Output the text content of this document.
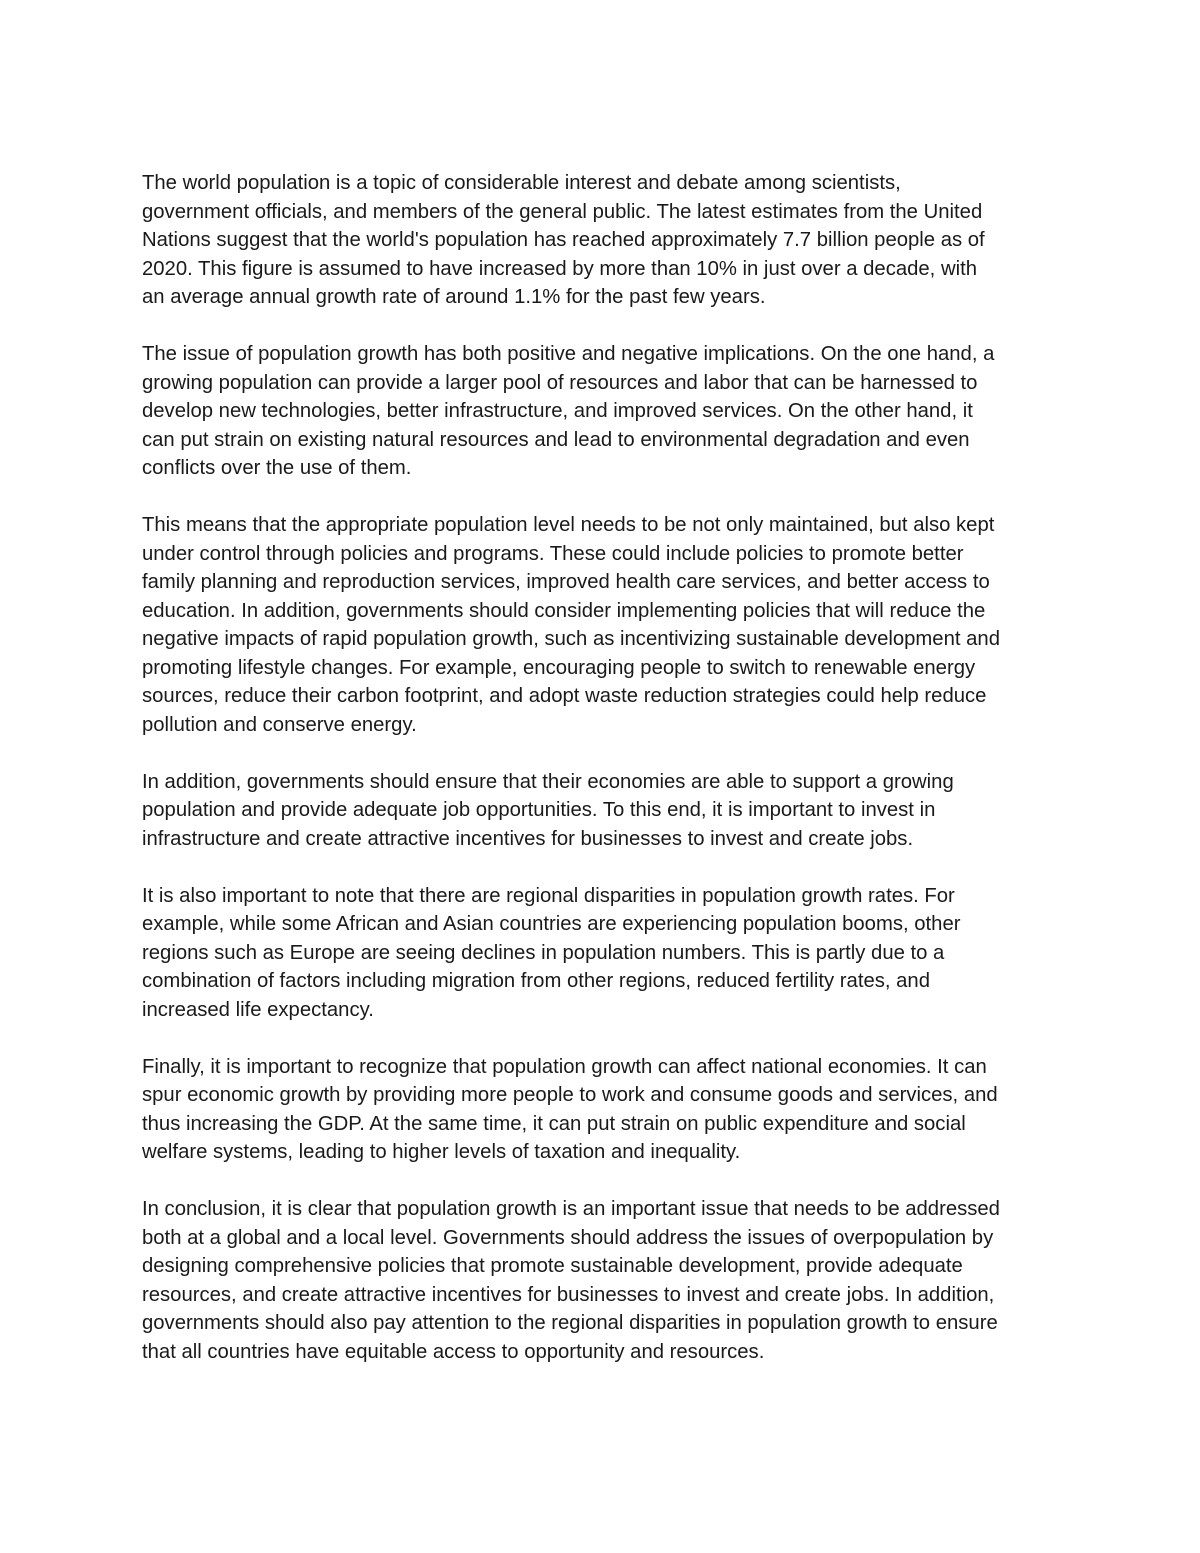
The world population is a topic of considerable interest and debate among scientists,
government officials, and members of the general public. The latest estimates from the United
Nations suggest that the world's population has reached approximately 7.7 billion people as of
2020. This figure is assumed to have increased by more than 10% in just over a decade, with
an average annual growth rate of around 1.1% for the past few years.

The issue of population growth has both positive and negative implications. On the one hand, a
growing population can provide a larger pool of resources and labor that can be harnessed to
develop new technologies, better infrastructure, and improved services. On the other hand, it
can put strain on existing natural resources and lead to environmental degradation and even
conflicts over the use of them.

This means that the appropriate population level needs to be not only maintained, but also kept
under control through policies and programs. These could include policies to promote better
family planning and reproduction services, improved health care services, and better access to
education. In addition, governments should consider implementing policies that will reduce the
negative impacts of rapid population growth, such as incentivizing sustainable development and
promoting lifestyle changes. For example, encouraging people to switch to renewable energy
sources, reduce their carbon footprint, and adopt waste reduction strategies could help reduce
pollution and conserve energy.

In addition, governments should ensure that their economies are able to support a growing
population and provide adequate job opportunities. To this end, it is important to invest in
infrastructure and create attractive incentives for businesses to invest and create jobs.

It is also important to note that there are regional disparities in population growth rates. For
example, while some African and Asian countries are experiencing population booms, other
regions such as Europe are seeing declines in population numbers. This is partly due to a
combination of factors including migration from other regions, reduced fertility rates, and
increased life expectancy.

Finally, it is important to recognize that population growth can affect national economies. It can
spur economic growth by providing more people to work and consume goods and services, and
thus increasing the GDP. At the same time, it can put strain on public expenditure and social
welfare systems, leading to higher levels of taxation and inequality.

In conclusion, it is clear that population growth is an important issue that needs to be addressed
both at a global and a local level. Governments should address the issues of overpopulation by
designing comprehensive policies that promote sustainable development, provide adequate
resources, and create attractive incentives for businesses to invest and create jobs. In addition,
governments should also pay attention to the regional disparities in population growth to ensure
that all countries have equitable access to opportunity and resources.
